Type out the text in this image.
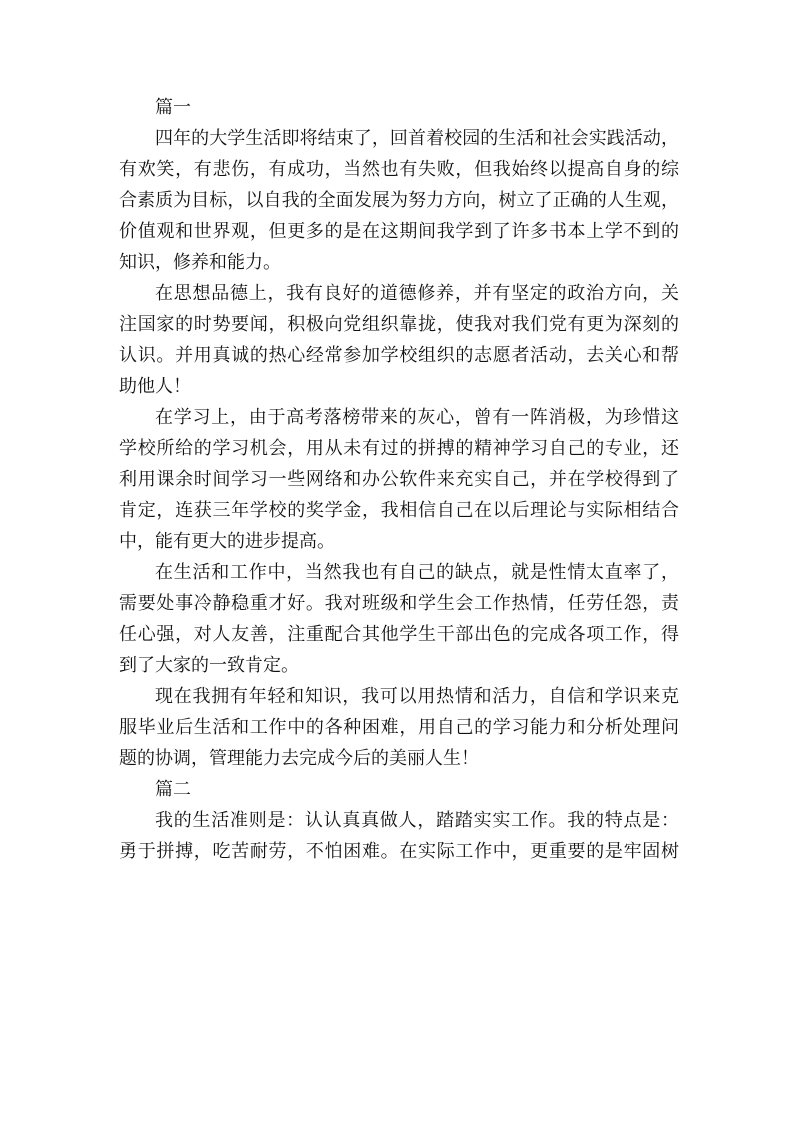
篇一
四年的大学生活即将结束了，回首着校园的生活和社会实践活动，
有欢笑，有悲伤，有成功，当然也有失败，但我始终以提高自身的综
合素质为目标，以自我的全面发展为努力方向，树立了正确的人生观，
价值观和世界观，但更多的是在这期间我学到了许多书本上学不到的
知识，修养和能力。
在思想品德上，我有良好的道德修养，并有坚定的政治方向，关
注国家的时势要闻，积极向党组织靠拢，使我对我们党有更为深刻的
认识。并用真诚的热心经常参加学校组织的志愿者活动，去关心和帮
助他人！
在学习上，由于高考落榜带来的灰心，曾有一阵消极，为珍惜这
学校所给的学习机会，用从未有过的拼搏的精神学习自己的专业，还
利用课余时间学习一些网络和办公软件来充实自己，并在学校得到了
肯定，连获三年学校的奖学金，我相信自己在以后理论与实际相结合
中，能有更大的进步提高。
在生活和工作中，当然我也有自己的缺点，就是性情太直率了，
需要处事冷静稳重才好。我对班级和学生会工作热情，任劳任怨，责
任心强，对人友善，注重配合其他学生干部出色的完成各项工作，得
到了大家的一致肯定。
现在我拥有年轻和知识，我可以用热情和活力，自信和学识来克
服毕业后生活和工作中的各种困难，用自己的学习能力和分析处理问
题的协调，管理能力去完成今后的美丽人生！
篇二
我的生活准则是：认认真真做人，踏踏实实工作。我的特点是：
勇于拼搏，吃苦耐劳，不怕困难。在实际工作中，更重要的是牢固树
